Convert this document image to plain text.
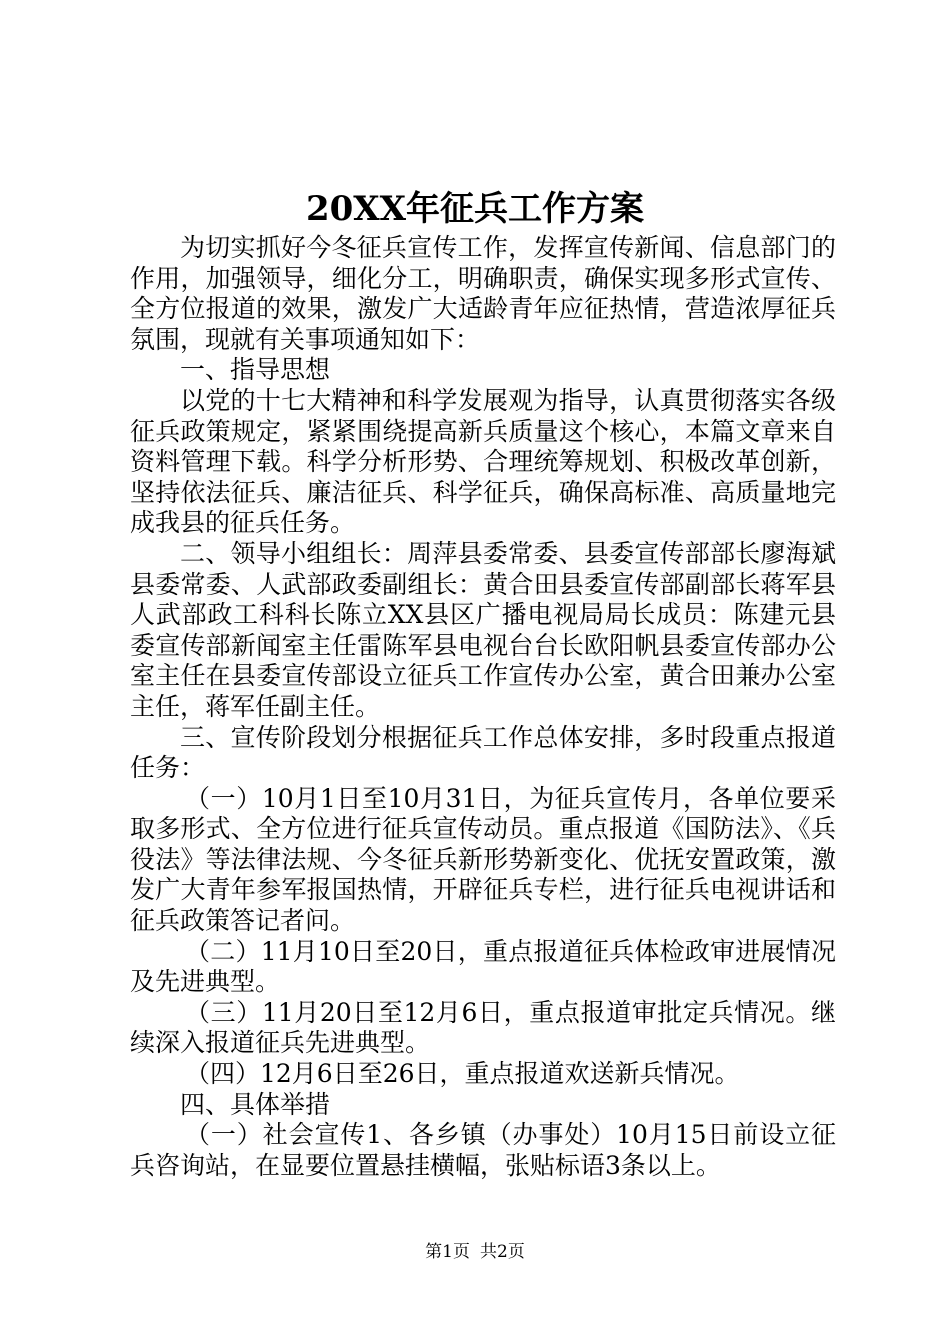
20XX年征兵工作方案

为切实抓好今冬征兵宣传工作，发挥宣传新闻、信息部门的作用，加强领导，细化分工，明确职责，确保实现多形式宣传、全方位报道的效果，激发广大适龄青年应征热情，营造浓厚征兵氛围，现就有关事项通知如下：

一、指导思想

以党的十七大精神和科学发展观为指导，认真贯彻落实各级征兵政策规定，紧紧围绕提高新兵质量这个核心，本篇文章来自资料管理下载。科学分析形势、合理统筹规划、积极改革创新，坚持依法征兵、廉洁征兵、科学征兵，确保高标准、高质量地完成我县的征兵任务。

二、领导小组组长：周萍县委常委、县委宣传部部长廖海斌县委常委、人武部政委副组长：黄合田县委宣传部副部长蒋军县人武部政工科科长陈立XX县区广播电视局局长成员：陈建元县委宣传部新闻室主任雷陈军县电视台台长欧阳帆县委宣传部办公室主任在县委宣传部设立征兵工作宣传办公室，黄合田兼办公室主任，蒋军任副主任。

三、宣传阶段划分根据征兵工作总体安排，多时段重点报道任务：

（一）10月1日至10月31日，为征兵宣传月，各单位要采取多形式、全方位进行征兵宣传动员。重点报道《国防法》、《兵役法》等法律法规、今冬征兵新形势新变化、优抚安置政策，激发广大青年参军报国热情，开辟征兵专栏，进行征兵电视讲话和征兵政策答记者问。

（二）11月10日至20日，重点报道征兵体检政审进展情况及先进典型。

（三）11月20日至12月6日，重点报道审批定兵情况。继续深入报道征兵先进典型。

（四）12月6日至26日，重点报道欢送新兵情况。

四、具体举措

（一）社会宣传1、各乡镇（办事处）10月15日前设立征兵咨询站，在显要位置悬挂横幅，张贴标语3条以上。

第1页 共2页
